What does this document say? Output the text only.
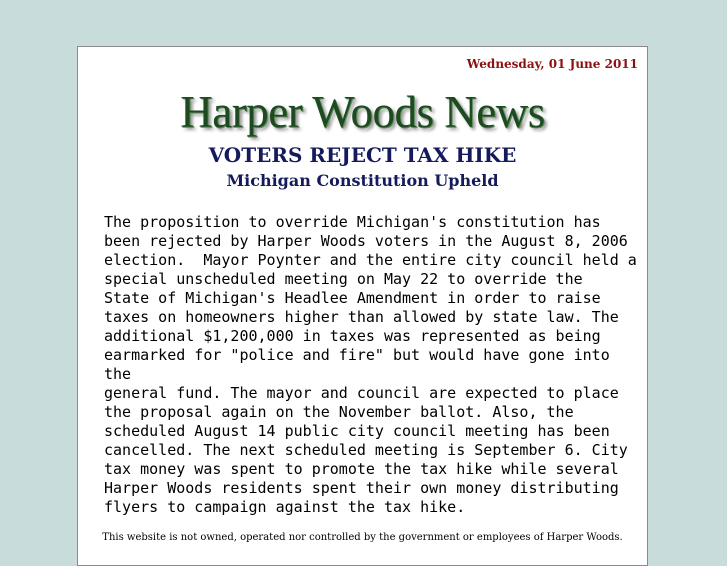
Wednesday, 01 June 2011
Harper Woods News
VOTERS REJECT TAX HIKE
Michigan Constitution Upheld
The proposition to override Michigan's constitution has
been rejected by Harper Woods voters in the August 8, 2006
election.  Mayor Poynter and the entire city council held a
special unscheduled meeting on May 22 to override the
State of Michigan's Headlee Amendment in order to raise
taxes on homeowners higher than allowed by state law. The
additional $1,200,000 in taxes was represented as being
earmarked for "police and fire" but would have gone into the
general fund. The mayor and council are expected to place
the proposal again on the November ballot. Also, the
scheduled August 14 public city council meeting has been
cancelled. The next scheduled meeting is September 6. City
tax money was spent to promote the tax hike while several
Harper Woods residents spent their own money distributing
flyers to campaign against the tax hike.
This website is not owned, operated nor controlled by the government or employees of Harper Woods.
